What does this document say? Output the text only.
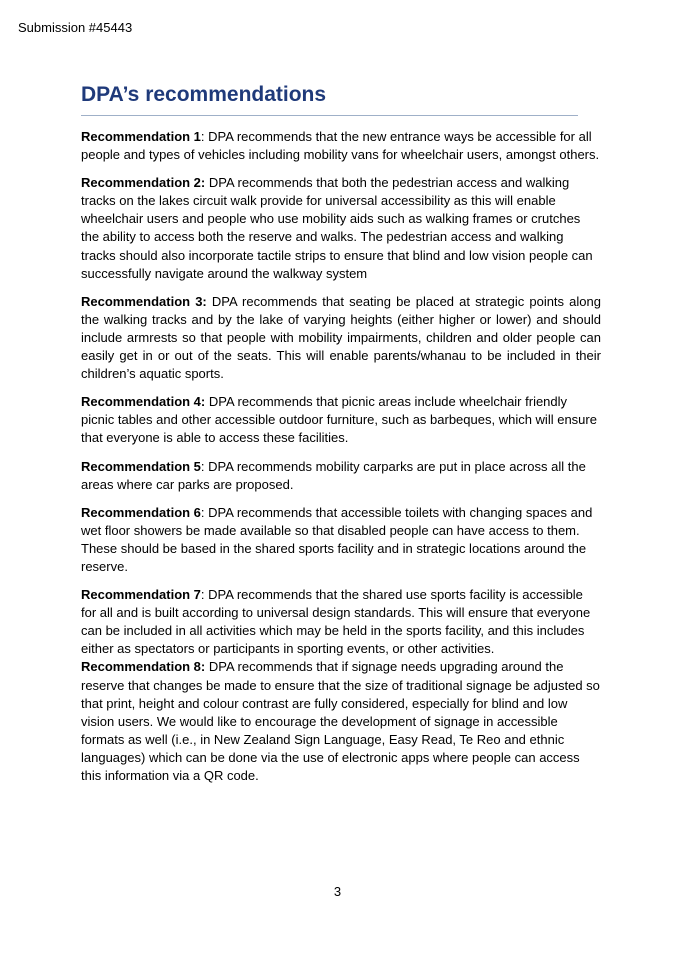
Submission #45443
DPA’s recommendations

Recommendation 1: DPA recommends that the new entrance ways be accessible for all people and types of vehicles including mobility vans for wheelchair users, amongst others.

Recommendation 2: DPA recommends that both the pedestrian access and walking tracks on the lakes circuit walk provide for universal accessibility as this will enable wheelchair users and people who use mobility aids such as walking frames or crutches the ability to access both the reserve and walks. The pedestrian access and walking tracks should also incorporate tactile strips to ensure that blind and low vision people can successfully navigate around the walkway system

Recommendation 3: DPA recommends that seating be placed at strategic points along the walking tracks and by the lake of varying heights (either higher or lower) and should include armrests so that people with mobility impairments, children and older people can easily get in or out of the seats. This will enable parents/whanau to be included in their children’s aquatic sports.

Recommendation 4: DPA recommends that picnic areas include wheelchair friendly picnic tables and other accessible outdoor furniture, such as barbeques, which will ensure that everyone is able to access these facilities.

Recommendation 5: DPA recommends mobility carparks are put in place across all the areas where car parks are proposed.

Recommendation 6: DPA recommends that accessible toilets with changing spaces and wet floor showers be made available so that disabled people can have access to them. These should be based in the shared sports facility and in strategic locations around the reserve.

Recommendation 7: DPA recommends that the shared use sports facility is accessible for all and is built according to universal design standards. This will ensure that everyone can be included in all activities which may be held in the sports facility, and this includes either as spectators or participants in sporting events, or other activities.

Recommendation 8: DPA recommends that if signage needs upgrading around the reserve that changes be made to ensure that the size of traditional signage be adjusted so that print, height and colour contrast are fully considered, especially for blind and low vision users. We would like to encourage the development of signage in accessible formats as well (i.e., in New Zealand Sign Language, Easy Read, Te Reo and ethnic languages) which can be done via the use of electronic apps where people can access this information via a QR code.

3
